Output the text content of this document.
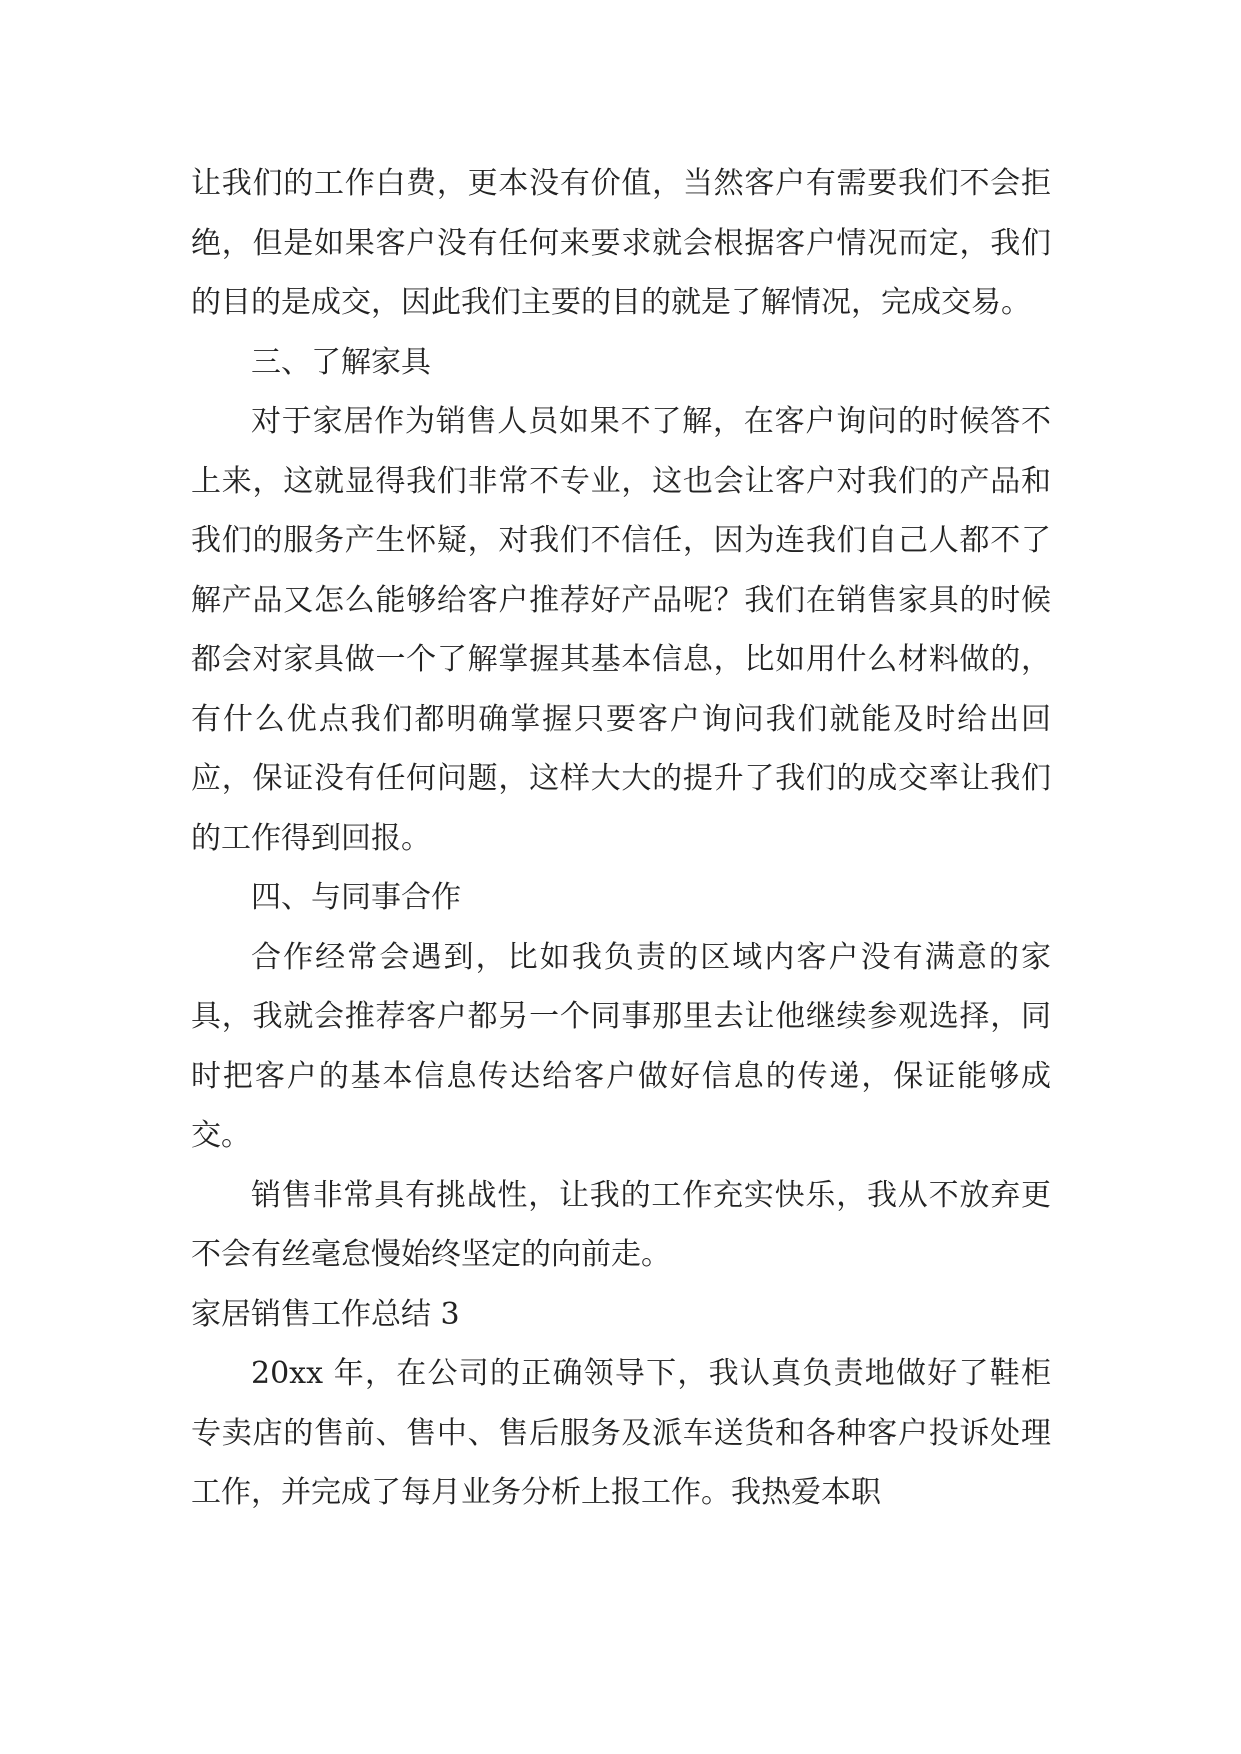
让我们的工作白费，更本没有价值，当然客户有需要我们不会拒绝，但是如果客户没有任何来要求就会根据客户情况而定，我们的目的是成交，因此我们主要的目的就是了解情况，完成交易。

三、了解家具

对于家居作为销售人员如果不了解，在客户询问的时候答不上来，这就显得我们非常不专业，这也会让客户对我们的产品和我们的服务产生怀疑，对我们不信任，因为连我们自己人都不了解产品又怎么能够给客户推荐好产品呢？我们在销售家具的时候都会对家具做一个了解掌握其基本信息，比如用什么材料做的，有什么优点我们都明确掌握只要客户询问我们就能及时给出回应，保证没有任何问题，这样大大的提升了我们的成交率让我们的工作得到回报。

四、与同事合作

合作经常会遇到，比如我负责的区域内客户没有满意的家具，我就会推荐客户都另一个同事那里去让他继续参观选择，同时把客户的基本信息传达给客户做好信息的传递，保证能够成交。

销售非常具有挑战性，让我的工作充实快乐，我从不放弃更不会有丝毫怠慢始终坚定的向前走。

家居销售工作总结 3

20xx 年，在公司的正确领导下，我认真负责地做好了鞋柜专卖店的售前、售中、售后服务及派车送货和各种客户投诉处理工作，并完成了每月业务分析上报工作。我热爱本职
